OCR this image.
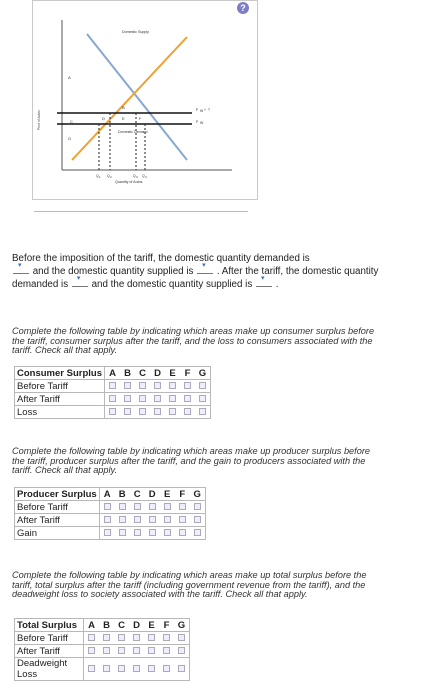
?
Domestic Supply
Domestic Demand
Price of Autos
Quantity of Autos
A
B
C
D	E	F
G
P W + T
P W
Q 1 Q 2	Q 3 Q 4
Before the imposition of the tariff, the domestic quantity demanded is
▾ and the domestic quantity supplied is ▾ . After the tariff, the domestic quantity demanded is ▾ and the domestic quantity supplied is ▾ .
Complete the following table by indicating which areas make up consumer surplus before the tariff, consumer surplus after the tariff, and the loss to consumers associated with the tariff. Check all that apply.
Consumer Surplus	A	B	C	D	E	F	G
Before Tariff							
After Tariff							
Loss							
Complete the following table by indicating which areas make up producer surplus before the tariff, producer surplus after the tariff, and the gain to producers associated with the tariff. Check all that apply.
Producer Surplus	A	B	C	D	E	F	G
Before Tariff							
After Tariff							
Gain							
Complete the following table by indicating which areas make up total surplus before the tariff, total surplus after the tariff (including government revenue from the tariff), and the deadweight loss to society associated with the tariff. Check all that apply.
Total Surplus	A	B	C	D	E	F	G
Before Tariff							
After Tariff							
Deadweight Loss							
